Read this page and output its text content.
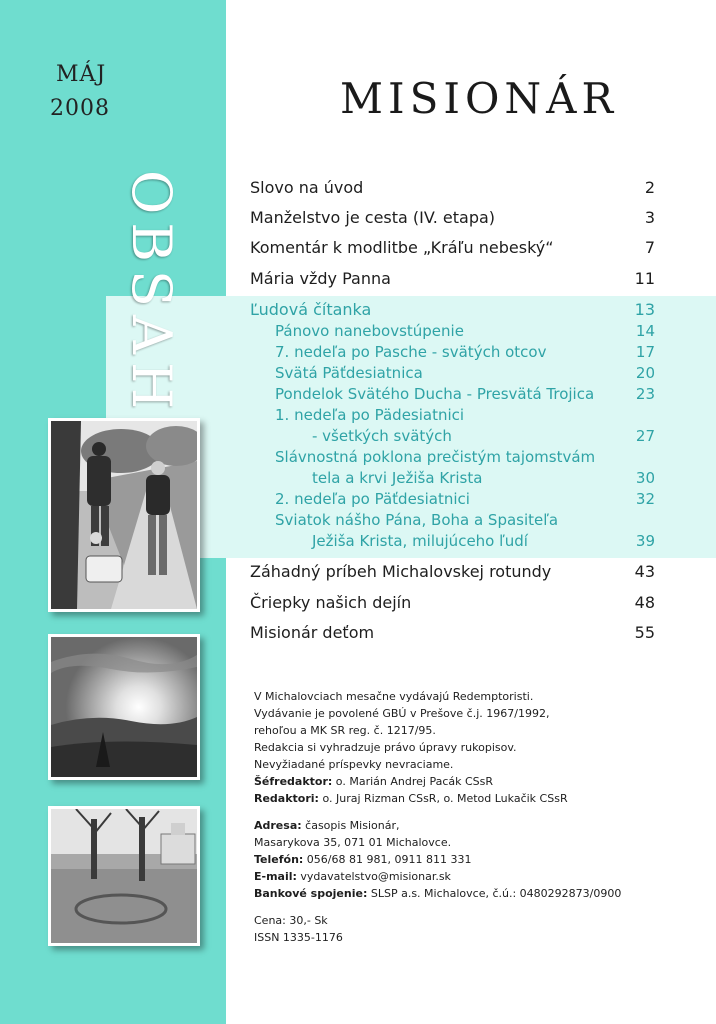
MÁJ
2008	MISIONÁR
OBSAH	Slovo na úvod	2
Manželstvo je cesta (IV. etapa)	3
Komentár k modlitbe „Kráľu nebeský“	7
Mária vždy Panna	11
Ľudová čítanka	13
Pánovo nanebovstúpenie	14
7. nedeľa po Pasche - svätých otcov	17
Svätá Päťdesiatnica	20
Pondelok Svätého Ducha - Presvätá Trojica	23
1. nedeľa po Pädesiatnici
- všetkých svätých	27
Slávnostná poklona prečistým tajomstvám
tela a krvi Ježiša Krista	30
2. nedeľa po Päťdesiatnici	32
Sviatok nášho Pána, Boha a Spasiteľa
Ježiša Krista, milujúceho ľudí	39
Záhadný príbeh Michalovskej rotundy	43
Čriepky našich dejín	48
Misionár deťom	55
V Michalovciach mesačne vydávajú Redemptoristi.
Vydávanie je povolené GBÚ v Prešove č.j. 1967/1992,
rehoľou a MK SR reg. č. 1217/95.
Redakcia si vyhradzuje právo úpravy rukopisov.
Nevyžiadané príspevky nevraciame.
Šéfredaktor: o. Marián Andrej Pacák CSsR
Redaktori: o. Juraj Rizman CSsR, o. Metod Lukačik CSsR
Adresa: časopis Misionár,
Masarykova 35, 071 01 Michalovce.
Telefón: 056/68 81 981, 0911 811 331
E-mail: vydavatelstvo@misionar.sk
Bankové spojenie: SLSP a.s. Michalovce, č.ú.: 0480292873/0900
Cena: 30,- Sk
ISSN 1335-1176
